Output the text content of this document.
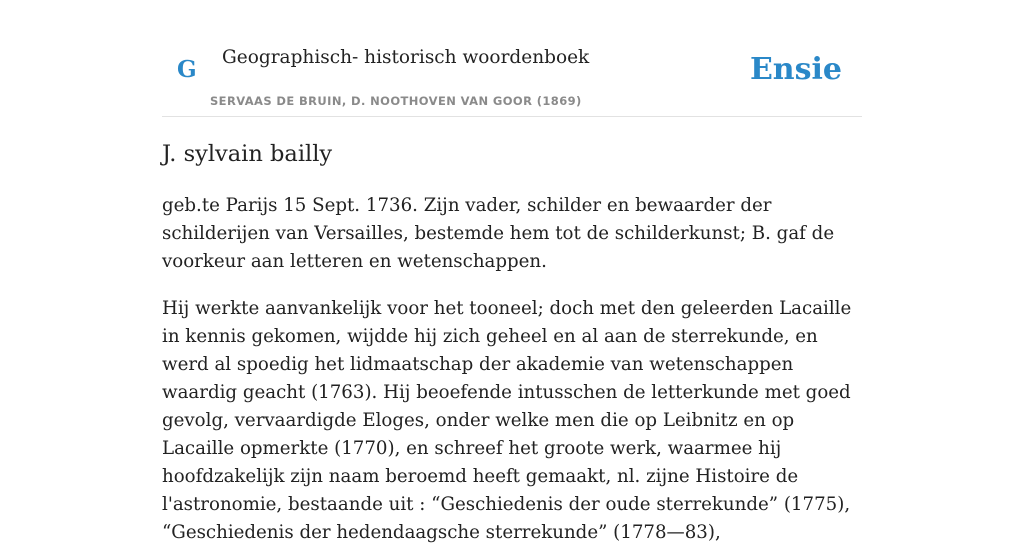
G Geographisch- historisch woordenboek
SERVAAS DE BRUIN, D. NOOTHOVEN VAN GOOR (1869)
Ensie
J. sylvain bailly

geb.te Parijs 15 Sept. 1736. Zijn vader, schilder en bewaarder der schilderijen van Versailles, bestemde hem tot de schilderkunst; B. gaf de voorkeur aan letteren en wetenschappen.

Hij werkte aanvankelijk voor het tooneel; doch met den geleerden Lacaille in kennis gekomen, wijdde hij zich geheel en al aan de sterrekunde, en werd al spoedig het lidmaatschap der akademie van wetenschappen waardig geacht (1763). Hij beoefende intusschen de letterkunde met goed gevolg, vervaardigde Eloges, onder welke men die op Leibnitz en op Lacaille opmerkte (1770), en schreef het groote werk, waarmee hij hoofdzakelijk zijn naam beroemd heeft gemaakt, nl. zijne Histoire de l'astronomie, bestaande uit : “Geschiedenis der oude sterrekunde” (1775), “Geschiedenis der hedendaagsche sterrekunde” (1778—83),
